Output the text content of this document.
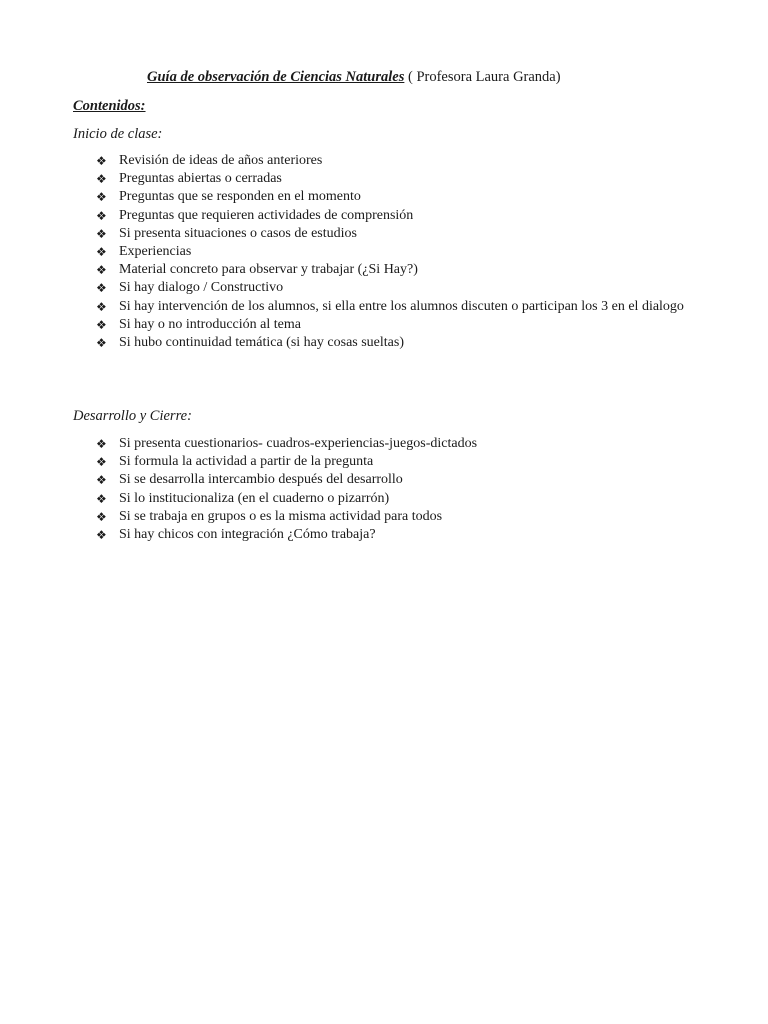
Guía de observación de Ciencias Naturales ( Profesora Laura Granda)
Contenidos:
Inicio de clase:
❖ Revisión de ideas de años anteriores
❖ Preguntas abiertas o cerradas
❖ Preguntas que se responden en el momento
❖ Preguntas que requieren actividades de comprensión
❖ Si presenta situaciones o casos de estudios
❖ Experiencias
❖ Material concreto para observar y trabajar (¿Si Hay?)
❖ Si hay dialogo / Constructivo
❖ Si hay intervención de los alumnos, si ella entre los alumnos discuten o participan los 3 en el dialogo
❖ Si hay o no introducción al tema
❖ Si hubo continuidad temática (si hay cosas sueltas)
Desarrollo y Cierre:
❖ Si presenta cuestionarios- cuadros-experiencias-juegos-dictados
❖ Si formula la actividad a partir de la pregunta
❖ Si se desarrolla intercambio después del desarrollo
❖ Si lo institucionaliza (en el cuaderno o pizarrón)
❖ Si se trabaja en grupos o es la misma actividad para todos
❖ Si hay chicos con integración ¿Cómo trabaja?
